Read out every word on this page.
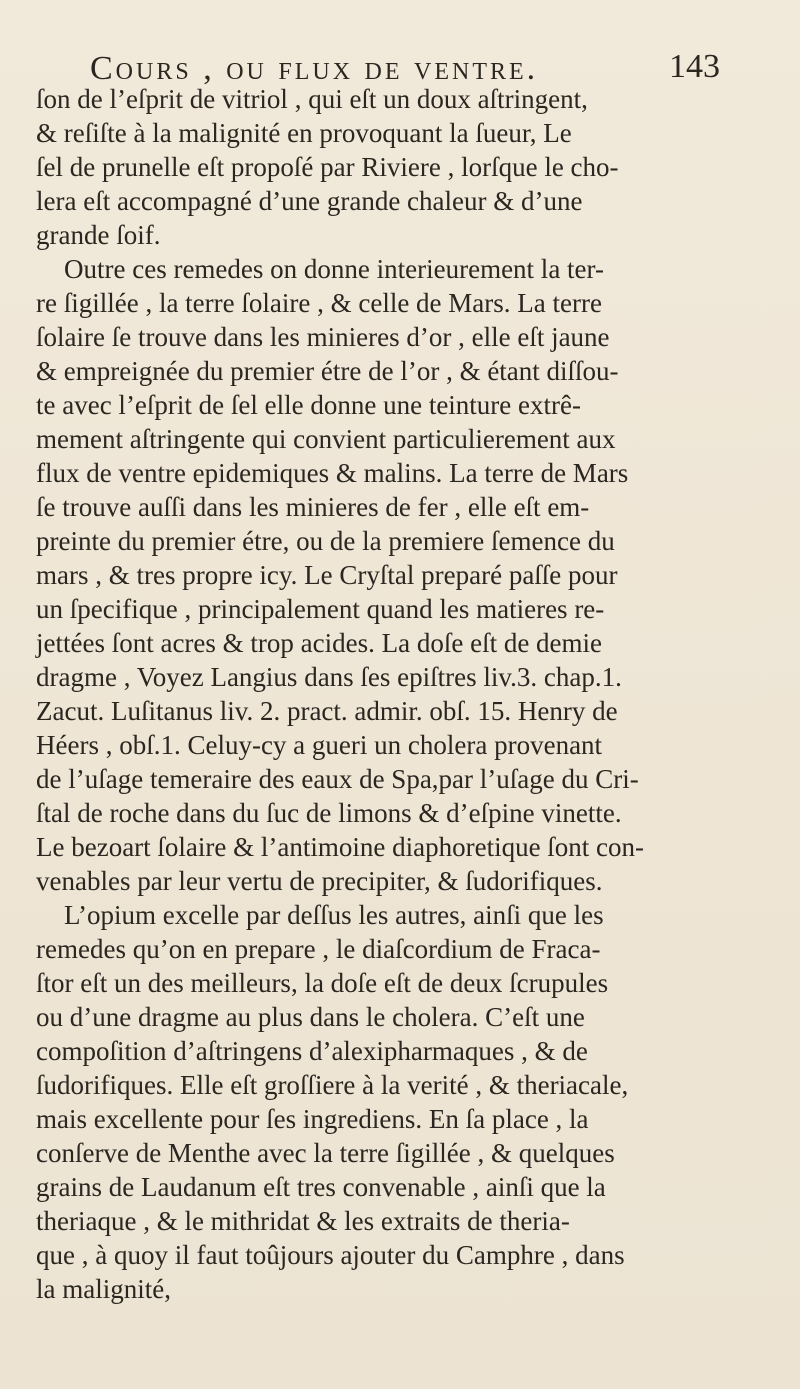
Cours , ou flux de ventre.	143
ſon de l’eſprit de vitriol , qui eſt un doux aſtringent,
& reſiſte à la malignité en provoquant la ſueur, Le
ſel de prunelle eſt propoſé par Riviere , lorſque le cho-
lera eſt accompagné d’une grande chaleur & d’une
grande ſoif.
Outre ces remedes on donne interieurement la ter-
re ſigillée , la terre ſolaire , & celle de Mars. La terre
ſolaire ſe trouve dans les minieres d’or , elle eſt jaune
& empreignée du premier étre de l’or , & étant diſſou-
te avec l’eſprit de ſel elle donne une teinture extrê-
mement aſtringente qui convient particulierement aux
flux de ventre epidemiques & malins. La terre de Mars
ſe trouve auſſi dans les minieres de fer , elle eſt em-
preinte du premier étre, ou de la premiere ſemence du
mars , & tres propre icy. Le Cryſtal preparé paſſe pour
un ſpecifique , principalement quand les matieres re-
jettées ſont acres & trop acides. La doſe eſt de demie
dragme , Voyez Langius dans ſes epiſtres liv.3. chap.1.
Zacut. Luſitanus liv. 2. pract. admir. obſ. 15. Henry de
Héers , obſ.1. Celuy-cy a gueri un cholera provenant
de l’uſage temeraire des eaux de Spa,par l’uſage du Cri-
ſtal de roche dans du ſuc de limons & d’eſpine vinette.
Le bezoart ſolaire & l’antimoine diaphoretique ſont con-
venables par leur vertu de precipiter, & ſudorifiques.
L’opium excelle par deſſus les autres, ainſi que les
remedes qu’on en prepare , le diaſcordium de Fraca-
ſtor eſt un des meilleurs, la doſe eſt de deux ſcrupules
ou d’une dragme au plus dans le cholera. C’eſt une
compoſition d’aſtringens d’alexipharmaques , & de
ſudorifiques. Elle eſt groſſiere à la verité , & theriacale,
mais excellente pour ſes ingrediens. En ſa place , la
conſerve de Menthe avec la terre ſigillée , & quelques
grains de Laudanum eſt tres convenable , ainſi que la
theriaque , & le mithridat & les extraits de theria-
que , à quoy il faut toûjours ajouter du Camphre , dans
la malignité,
